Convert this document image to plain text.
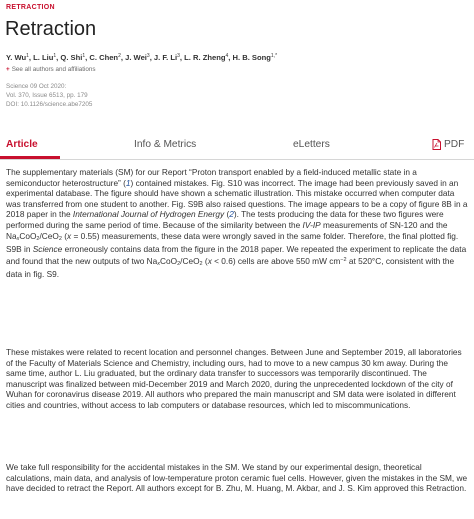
RETRACTION
Retraction
Y. Wu$^1$, L. Liu$^1$, Q. Shi$^1$, C. Chen$^2$, J. Wei$^3$, J. F. Li$^3$, L. R. Zheng$^4$, H. B. Song$^{1,*}$
+ See all authors and affiliations
Science 09 Oct 2020:
Vol. 370, Issue 6513, pp. 179
DOI: 10.1126/science.abe7205
Article	Info & Metrics	eLetters	PDF

The supplementary materials (SM) for our Report “Proton transport enabled by a field-induced metallic state in a semiconductor heterostructure” (1) contained mistakes. Fig. S10 was incorrect. The image had been previously saved in an experimental database. The figure should have shown a schematic illustration. This mistake occurred when computer data was transferred from one student to another. Fig. S9B also raised questions. The image appears to be a copy of figure 8B in a 2018 paper in the International Journal of Hydrogen Energy (2). The tests producing the data for these two figures were performed during the same period of time. Because of the similarity between the IV-IP measurements of SN-120 and the $Na_xCoO_2/CeO_2$ (x = 0.55) measurements, these data were wrongly saved in the same folder. Therefore, the final plotted fig. S9B in Science erroneously contains data from the figure in the 2018 paper. We repeated the experiment to replicate the data and found that the new outputs of two $Na_xCoO_2/CeO_2$ (x < 0.6) cells are above 550 mW $cm^{-2}$ at 520°C, consistent with the data in fig. S9.

These mistakes were related to recent location and personnel changes. Between June and September 2019, all laboratories of the Faculty of Materials Science and Chemistry, including ours, had to move to a new campus 30 km away. During the same time, author L. Liu graduated, but the ordinary data transfer to successors was temporarily discontinued. The manuscript was finalized between mid-December 2019 and March 2020, during the unprecedented lockdown of the city of Wuhan for coronavirus disease 2019. All authors who prepared the main manuscript and SM data were isolated in different cities and countries, without access to lab computers or database resources, which led to miscommunications.

We take full responsibility for the accidental mistakes in the SM. We stand by our experimental design, theoretical calculations, main data, and analysis of low-temperature proton ceramic fuel cells. However, given the mistakes in the SM, we have decided to retract the Report. All authors except for B. Zhu, M. Huang, M. Akbar, and J. S. Kim approved this Retraction.
